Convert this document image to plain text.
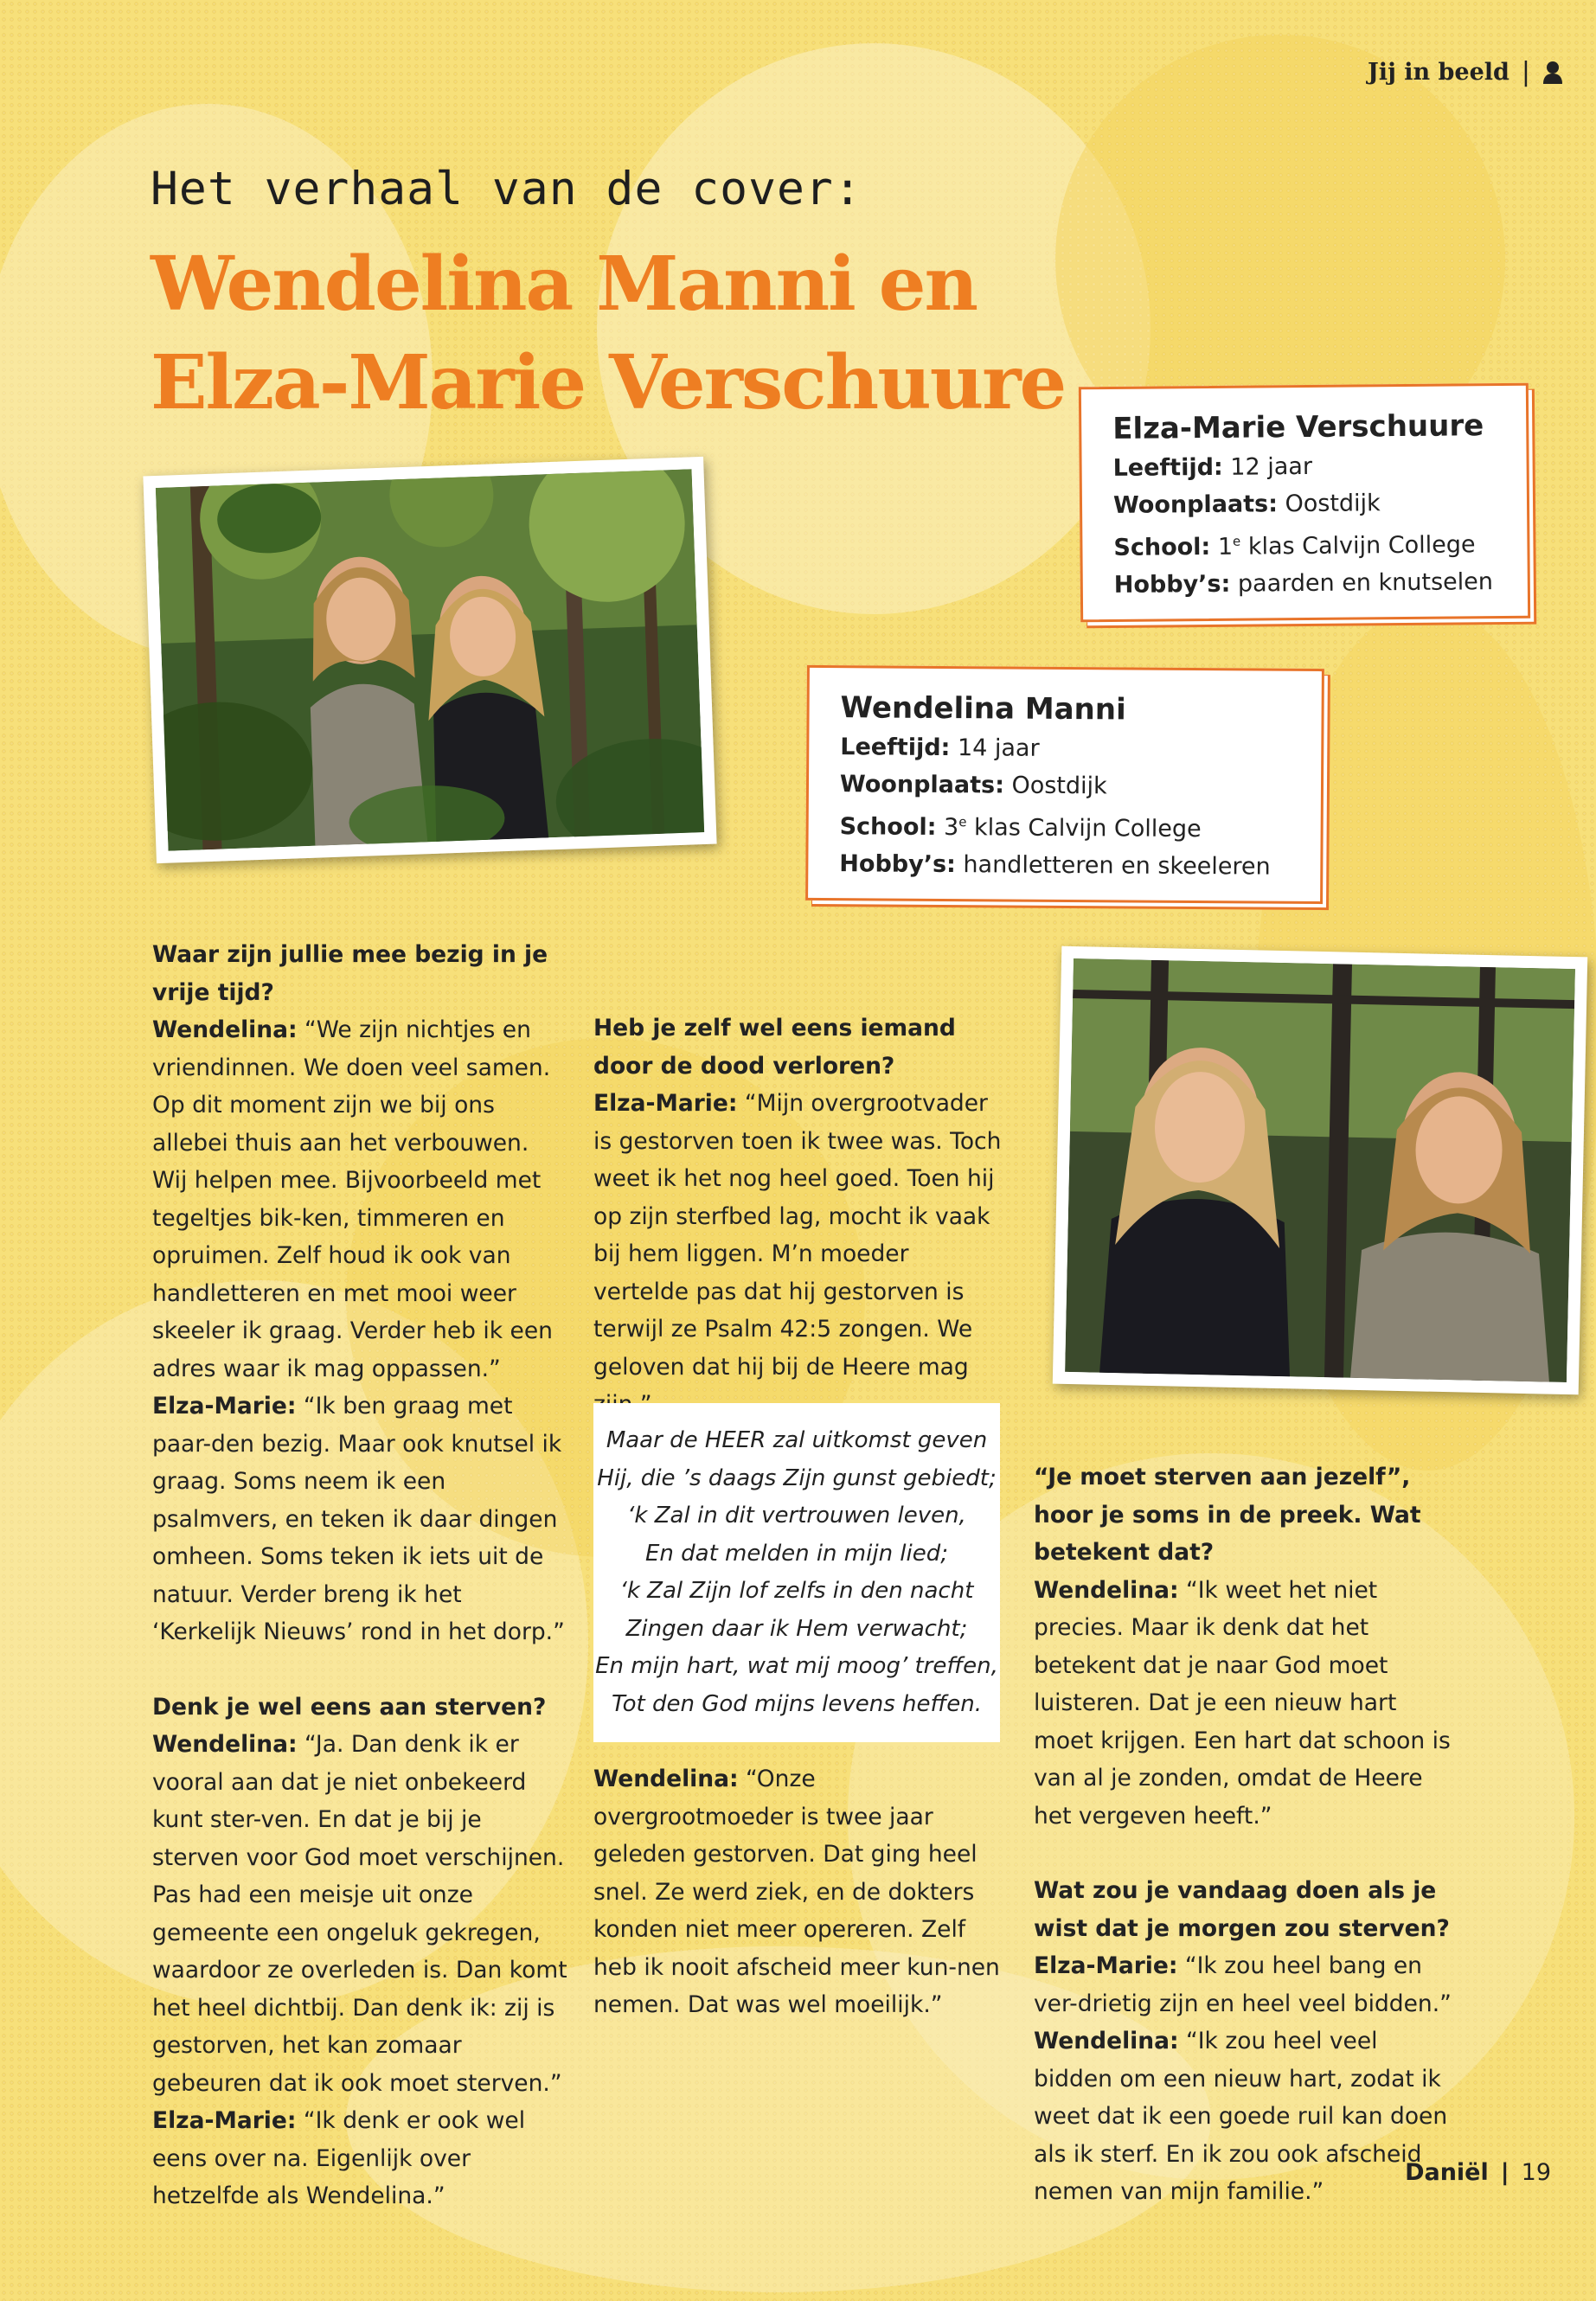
Jij in beeld |
Het verhaal van de cover:
Wendelina Manni en
Elza-Marie Verschuure
Elza-Marie Verschuure
Leeftijd: 12 jaar
Woonplaats: Oostdijk
School: 1e klas Calvijn College
Hobby’s: paarden en knutselen
Wendelina Manni
Leeftijd: 14 jaar
Woonplaats: Oostdijk
School: 3e klas Calvijn College
Hobby’s: handletteren en skeeleren

Waar zijn jullie mee bezig in je vrije tijd?
Wendelina: “We zijn nichtjes en vriendinnen. We doen veel samen. Op dit moment zijn we bij ons allebei thuis aan het verbouwen. Wij helpen mee. Bijvoorbeeld met tegeltjes bik-ken, timmeren en opruimen. Zelf houd ik ook van handletteren en met mooi weer skeeler ik graag. Verder heb ik een adres waar ik mag oppassen.”
Elza-Marie: “Ik ben graag met paar-den bezig. Maar ook knutsel ik graag. Soms neem ik een psalmvers, en teken ik daar dingen omheen. Soms teken ik iets uit de natuur. Verder breng ik het ‘Kerkelijk Nieuws’ rond in het dorp.”

Denk je wel eens aan sterven?
Wendelina: “Ja. Dan denk ik er vooral aan dat je niet onbekeerd kunt ster-ven. En dat je bij je sterven voor God moet verschijnen. Pas had een meisje uit onze gemeente een ongeluk gekregen, waardoor ze overleden is. Dan komt het heel dichtbij. Dan denk ik: zij is gestorven, het kan zomaar gebeuren dat ik ook moet sterven.”
Elza-Marie: “Ik denk er ook wel eens over na. Eigenlijk over hetzelfde als Wendelina.”

Heb je zelf wel eens iemand door de dood verloren?
Elza-Marie: “Mijn overgrootvader is gestorven toen ik twee was. Toch weet ik het nog heel goed. Toen hij op zijn sterfbed lag, mocht ik vaak bij hem liggen. M’n moeder vertelde pas dat hij gestorven is terwijl ze Psalm 42:5 zongen. We geloven dat hij bij de Heere mag

Maar de HEER zal uitkomst geven
Hij, die ’s daags Zijn gunst gebiedt;
‘k Zal in dit vertrouwen leven,
En dat melden in mijn lied;
‘k Zal Zijn lof zelfs in den nacht
Zingen daar ik Hem verwacht;
En mijn hart, wat mij moog’ treffen,
Tot den God mijns levens heffen.

Wendelina: “Onze overgrootmoeder is twee jaar geleden gestorven. Dat ging heel snel. Ze werd ziek, en de dokters konden niet meer opereren. Zelf heb ik nooit afscheid meer kun-nen nemen. Dat was wel moeilijk.”

“Je moet sterven aan jezelf”, hoor je soms in de preek. Wat betekent dat?
Wendelina: “Ik weet het niet precies. Maar ik denk dat het betekent dat je naar God moet luisteren. Dat je een nieuw hart moet krijgen. Een hart dat schoon is van al je zonden, omdat de Heere het vergeven heeft.”

Wat zou je vandaag doen als je wist dat je morgen zou sterven?
Elza-Marie: “Ik zou heel bang en ver-drietig zijn en heel veel bidden.”
Wendelina: “Ik zou heel veel bidden om een nieuw hart, zodat ik weet dat ik een goede ruil kan doen als ik sterf. En ik zou ook afscheid nemen van mijn familie.”

Daniël | 19
